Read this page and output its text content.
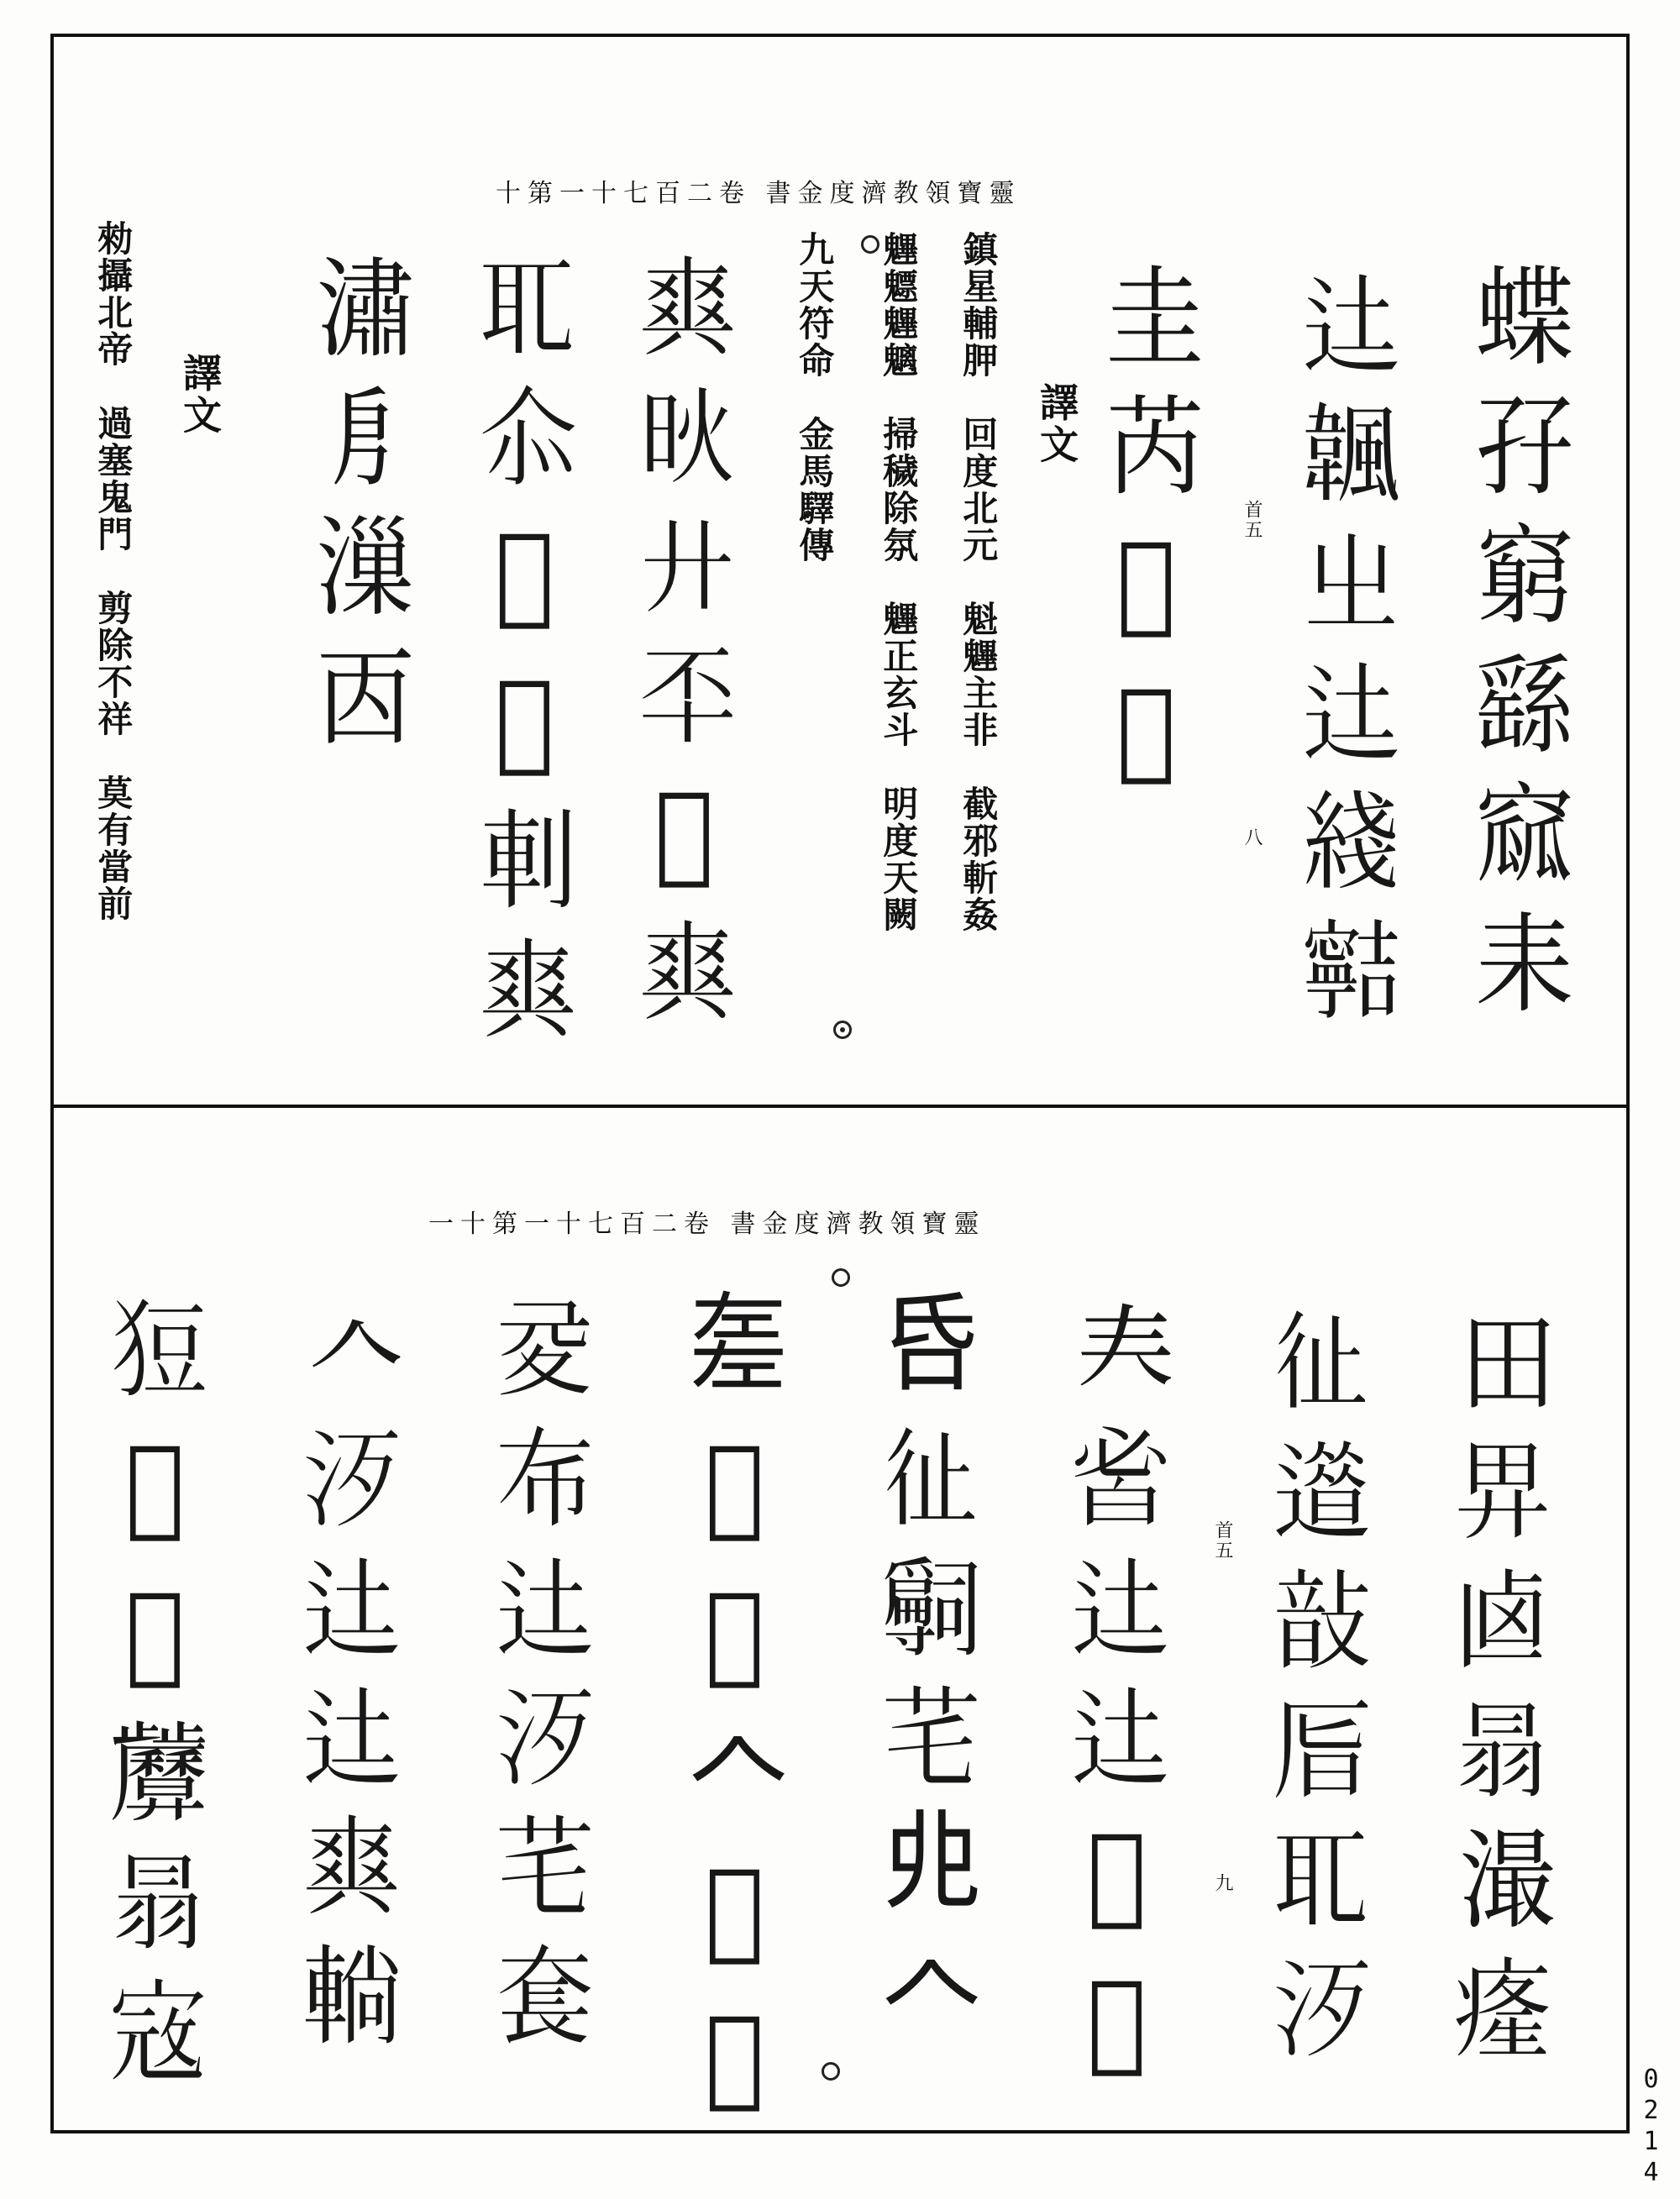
靈寶領教濟度金書 卷二百七十一第十
蝶孖窮繇窳耒
𨑒𩘚㞢𨑒綫𡫸
圭芮𦅳𡶋
𤕤炚廾㔻𢔲𤕤
𦔮𠇍𢕄𢒈𠜒𤕤
潚㐆漅㐁	首五
八
譯文
鎮星輔胛　回度北元　魁魓主非　截邪斬姦
魓魒魓魑　掃穢除氛　魓正玄斗　明度天闕
九天符命　金馬驛傳
譯文
勑攝北帝　過塞鬼門　剪除不祥　莫有當前
靈寶領教濟度金書 卷二百七十一第十一
田𢌿𠧟𦐇㵊𤸇
𢓊𨗀𢾑𠩊𦔮𣲠
𡗗𤽣𨑒𨑒𡲾𥂑
𠯑𢓊𡭒𦬃𠑹𠆢
𢀡𡣣𢔲𠆢𢔲𨒔
𡕡𢁛𨑒𣲠𦬃𡘷
𠆢𣲠𨑒𨑒𤕤𨌩
𤞟𧟞𥃭𢍷𦐇𡨥	首五
九
0214
